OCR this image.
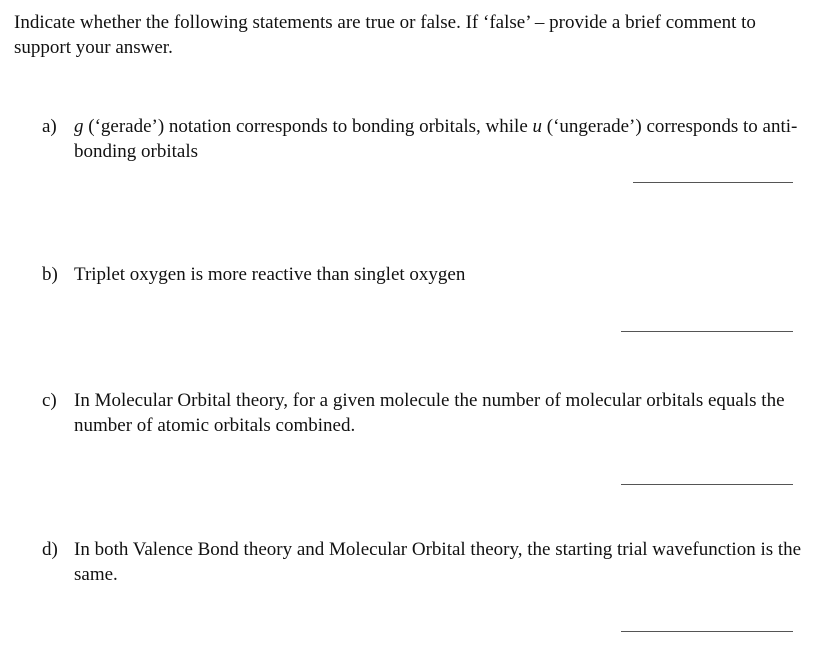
Indicate whether the following statements are true or false. If ‘false’ – provide a brief comment to support your answer.
a) g (‘gerade’) notation corresponds to bonding orbitals, while u (‘ungerade’) corresponds to anti-bonding orbitals
b) Triplet oxygen is more reactive than singlet oxygen
c) In Molecular Orbital theory, for a given molecule the number of molecular orbitals equals the number of atomic orbitals combined.
d) In both Valence Bond theory and Molecular Orbital theory, the starting trial wavefunction is the same.
